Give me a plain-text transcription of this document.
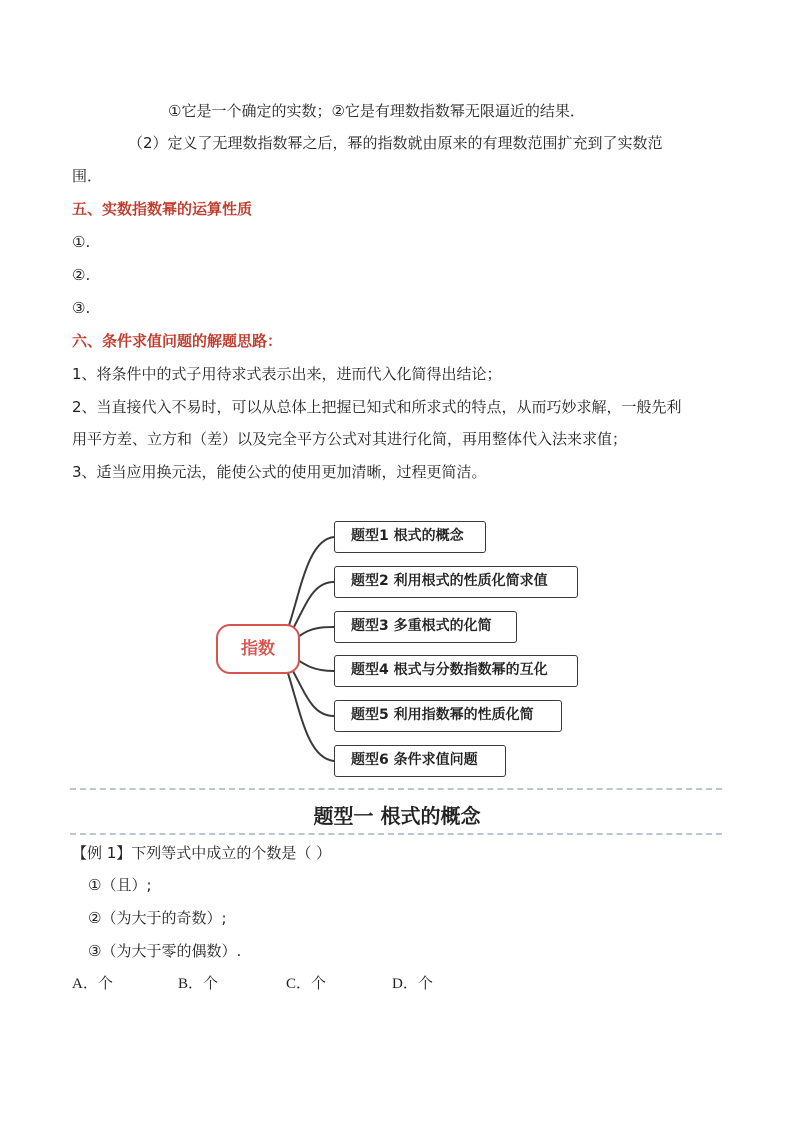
①它是一个确定的实数；②它是有理数指数幂无限逼近的结果．
（2）定义了无理数指数幂之后，幂的指数就由原来的有理数范围扩充到了实数范
围．
五、实数指数幂的运算性质
①.
②.
③.
六、条件求值问题的解题思路：
1、将条件中的式子用待求式表示出来，进而代入化简得出结论；
2、当直接代入不易时，可以从总体上把握已知式和所求式的特点，从而巧妙求解，一般先利
用平方差、立方和（差）以及完全平方公式对其进行化简，再用整体代入法来求值；
3、适当应用换元法，能使公式的使用更加清晰，过程更简洁。
指数
题型1 根式的概念
题型2 利用根式的性质化简求值
题型3 多重根式的化简
题型4 根式与分数指数幂的互化
题型5 利用指数幂的性质化简
题型6 条件求值问题
题型一 根式的概念
【例 1】下列等式中成立的个数是（ ）
①（且）;
②（为大于的奇数）;
③（为大于零的偶数）.
A．个	B．个	C．个	D．个
